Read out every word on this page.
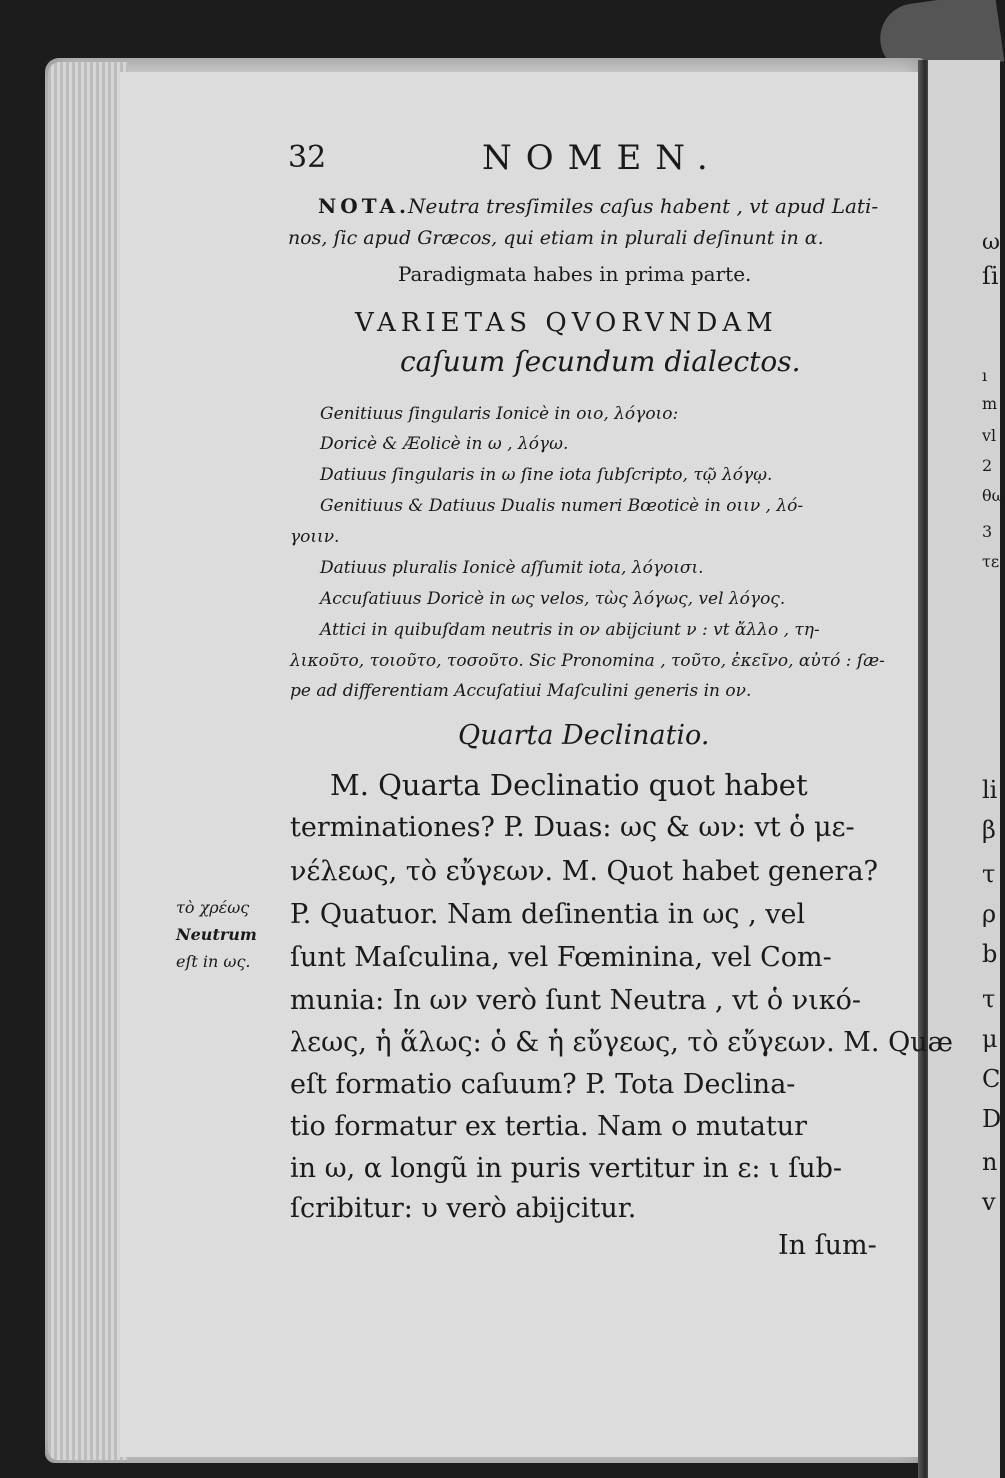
32	NOMEN.
NOTA.
Neutra tresſimiles caſus habent , vt apud Lati-
nos, ſic apud Græcos, qui etiam in plurali deſinunt in α.
Paradigmata habes in prima parte.
VARIETAS QVORVNDAM
caſuum ſecundum dialectos.
Genitiuus ſingularis Ionicè in οιο, λόγοιο:
Doricè & Æolicè in ω , λόγω.
Datiuus ſingularis in ω ſine iota ſubſcripto, τῷ λόγῳ.
Genitiuus & Datiuus Dualis numeri Bœoticè in οιιν , λό-
γοιιν.
Datiuus pluralis Ionicè aſſumit iota, λόγοισι.
Accuſatiuus Doricè in ως velos, τὼς λόγως, vel λόγος.
Attici in quibuſdam neutris in ον abijciunt ν : vt ἄλλο , τη-
λικοῦτο, τοιοῦτο, τοσοῦτο. Sic Pronomina , τοῦτο, ἐκεῖνο, αὐτό : ſæ-
pe ad differentiam Accuſatiui Maſculini generis in ον.
Quarta Declinatio.
M. Quarta Declinatio quot habet
terminationes? P. Duas: ως & ων: vt ὁ με-
νέλεως, τὸ εὔγεων. M. Quot habet genera?
P. Quatuor. Nam deſinentia in ως , vel
ſunt Maſculina, vel Fœminina, vel Com-
munia: In ων verò ſunt Neutra , vt ὁ νικό-
λεως, ἡ ἅλως: ὁ & ἡ εὔγεως, τὸ εὔγεων. M. Quæ
eſt formatio caſuum? P. Tota Declina-
tio formatur ex tertia. Nam ο mutatur
in ω, α longũ in puris vertitur in ε: ι ſub-
ſcribitur: υ verò abijcitur.
In ſum-
τὸ χρέως
Neutrum
eſt in ως.
ω
ſi
ı
m
vl
2
θω
3
τε
li
β
τ
ρ
b
τ
μ
C
D
n
v
